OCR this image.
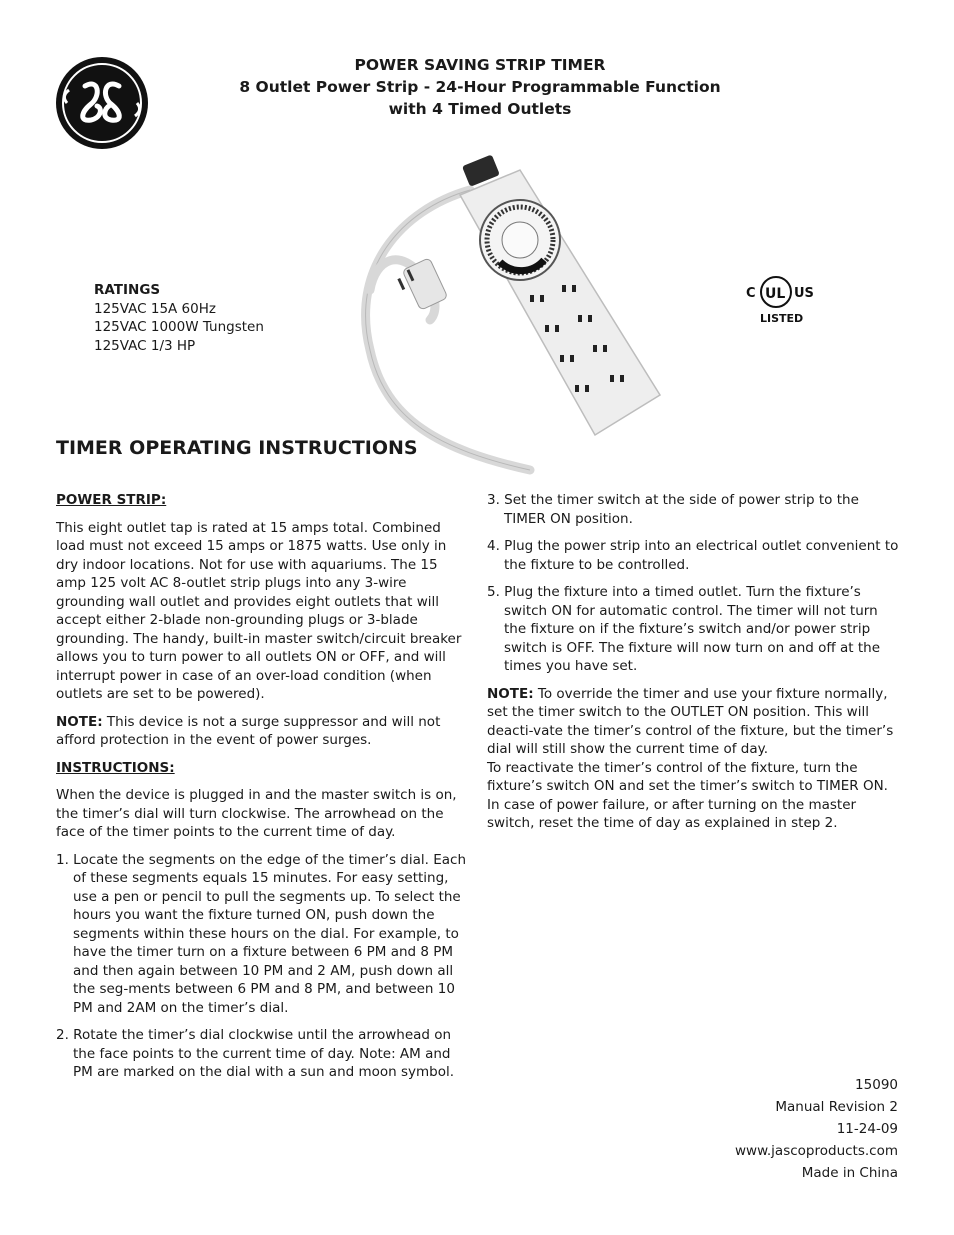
POWER SAVING STRIP TIMER
8 Outlet Power Strip - 24-Hour Programmable Function
with 4 Timed Outlets
RATINGS
125VAC 15A 60Hz
125VAC 1000W Tungsten
125VAC 1/3 HP
C UL US
LISTED
TIMER OPERATING INSTRUCTIONS
POWER STRIP:

This eight outlet tap is rated at 15 amps total. Combined load must not exceed 15 amps or 1875 watts. Use only in dry indoor locations. Not for use with aquariums. The 15 amp 125 volt AC 8-outlet strip plugs into any 3-wire grounding wall outlet and provides eight outlets that will accept either 2-blade non-grounding plugs or 3-blade grounding. The handy, built-in master switch/circuit breaker allows you to turn power to all outlets ON or OFF, and will interrupt power in case of an over-load condition (when outlets are set to be powered).

NOTE: This device is not a surge suppressor and will not afford protection in the event of power surges.

INSTRUCTIONS:

When the device is plugged in and the master switch is on, the timer’s dial will turn clockwise. The arrowhead on the face of the timer points to the current time of day.

1. Locate the segments on the edge of the timer’s dial. Each of these segments equals 15 minutes. For easy setting, use a pen or pencil to pull the segments up. To select the hours you want the fixture turned ON, push down the segments within these hours on the dial. For example, to have the timer turn on a fixture between 6 PM and 8 PM and then again between 10 PM and 2 AM, push down all the seg-ments between 6 PM and 8 PM, and between 10 PM and 2AM on the timer’s dial.

2. Rotate the timer’s dial clockwise until the arrowhead on the face points to the current time of day. Note: AM and PM are marked on the dial with a sun and moon symbol.

3. Set the timer switch at the side of power strip to the TIMER ON position.

4. Plug the power strip into an electrical outlet convenient to the fixture to be controlled.

5. Plug the fixture into a timed outlet. Turn the fixture’s switch ON for automatic control. The timer will not turn the fixture on if the fixture’s switch and/or power strip switch is OFF. The fixture will now turn on and off at the times you have set.

NOTE: To override the timer and use your fixture normally, set the timer switch to the OUTLET ON position. This will deacti-vate the timer’s control of the fixture, but the timer’s dial will still show the current time of day.

To reactivate the timer’s control of the fixture, turn the fixture’s switch ON and set the timer’s switch to TIMER ON. In case of power failure, or after turning on the master switch, reset the time of day as explained in step 2.

15090
Manual Revision 2
11-24-09
www.jascoproducts.com
Made in China
